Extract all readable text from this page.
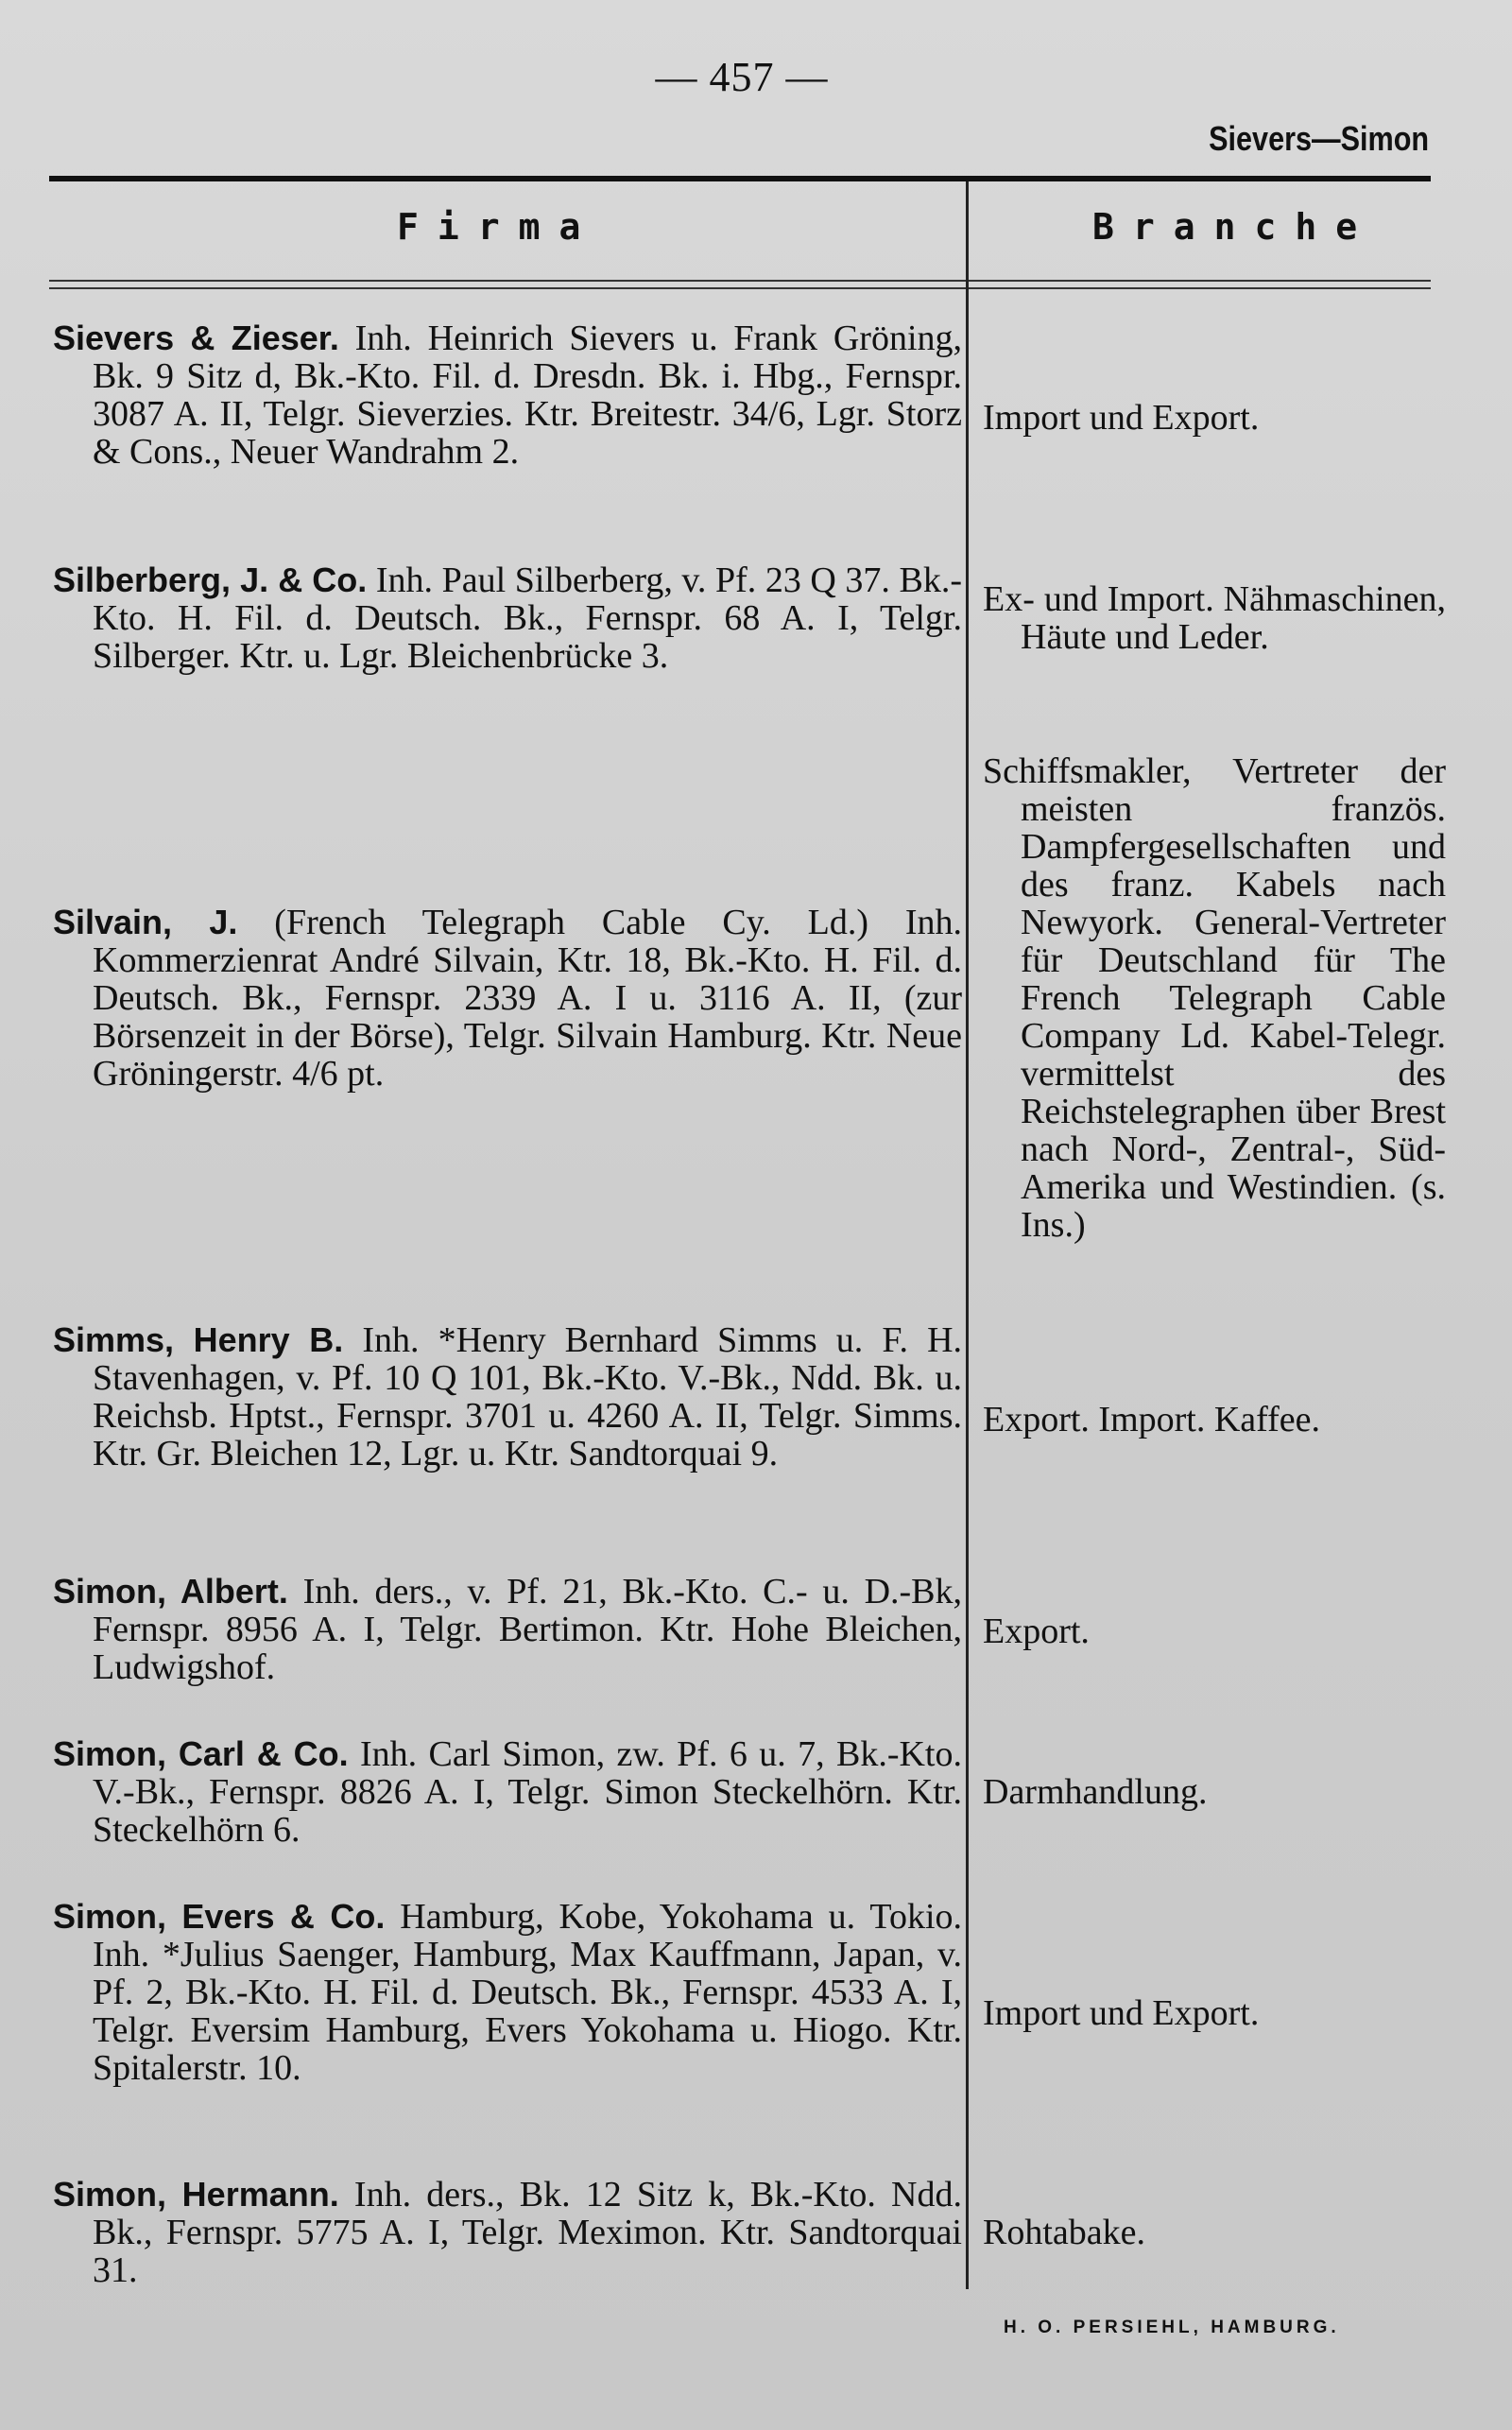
— 457 —
Sievers—Simon
Firma	Branche
Sievers & Zieser. Inh. Heinrich Sievers u. Frank Gröning, Bk. 9 Sitz d, Bk.-Kto. Fil. d. Dresdn. Bk. i. Hbg., Fernspr. 3087 A. II, Telgr. Sieverzies. Ktr. Breitestr. 34/6, Lgr. Storz & Cons., Neuer Wandrahm 2.
Import und Export.
Silberberg, J. & Co. Inh. Paul Silberberg, v. Pf. 23 Q 37. Bk.-Kto. H. Fil. d. Deutsch. Bk., Fernspr. 68 A. I, Telgr. Silberger. Ktr. u. Lgr. Bleichenbrücke 3.
Ex- und Import. Nähmaschinen, Häute und Leder.
Silvain, J. (French Telegraph Cable Cy. Ld.) Inh. Kommerzienrat André Silvain, Ktr. 18, Bk.-Kto. H. Fil. d. Deutsch. Bk., Fernspr. 2339 A. I u. 3116 A. II, (zur Börsenzeit in der Börse), Telgr. Silvain Hamburg. Ktr. Neue Gröningerstr. 4/6 pt.
Schiffsmakler, Vertreter der meisten französ. Dampfergesellschaften und des franz. Kabels nach Newyork. General-Vertreter für Deutschland für The French Telegraph Cable Company Ld. Kabel-Telegr. vermittelst des Reichstelegraphen über Brest nach Nord-, Zentral-, Süd-Amerika und Westindien. (s. Ins.)
Simms, Henry B. Inh. *Henry Bernhard Simms u. F. H. Stavenhagen, v. Pf. 10 Q 101, Bk.-Kto. V.-Bk., Ndd. Bk. u. Reichsb. Hptst., Fernspr. 3701 u. 4260 A. II, Telgr. Simms. Ktr. Gr. Bleichen 12, Lgr. u. Ktr. Sandtorquai 9.
Export. Import. Kaffee.
Simon, Albert. Inh. ders., v. Pf. 21, Bk.-Kto. C.- u. D.-Bk, Fernspr. 8956 A. I, Telgr. Bertimon. Ktr. Hohe Bleichen, Ludwigshof.
Export.
Simon, Carl & Co. Inh. Carl Simon, zw. Pf. 6 u. 7, Bk.-Kto. V.-Bk., Fernspr. 8826 A. I, Telgr. Simon Steckelhörn. Ktr. Steckelhörn 6.
Darmhandlung.
Simon, Evers & Co. Hamburg, Kobe, Yokohama u. Tokio. Inh. *Julius Saenger, Hamburg, Max Kauffmann, Japan, v. Pf. 2, Bk.-Kto. H. Fil. d. Deutsch. Bk., Fernspr. 4533 A. I, Telgr. Eversim Hamburg, Evers Yokohama u. Hiogo. Ktr. Spitalerstr. 10.
Import und Export.
Simon, Hermann. Inh. ders., Bk. 12 Sitz k, Bk.-Kto. Ndd. Bk., Fernspr. 5775 A. I, Telgr. Meximon. Ktr. Sandtorquai 31.
Rohtabake.
H. O. PERSIEHL, HAMBURG.
